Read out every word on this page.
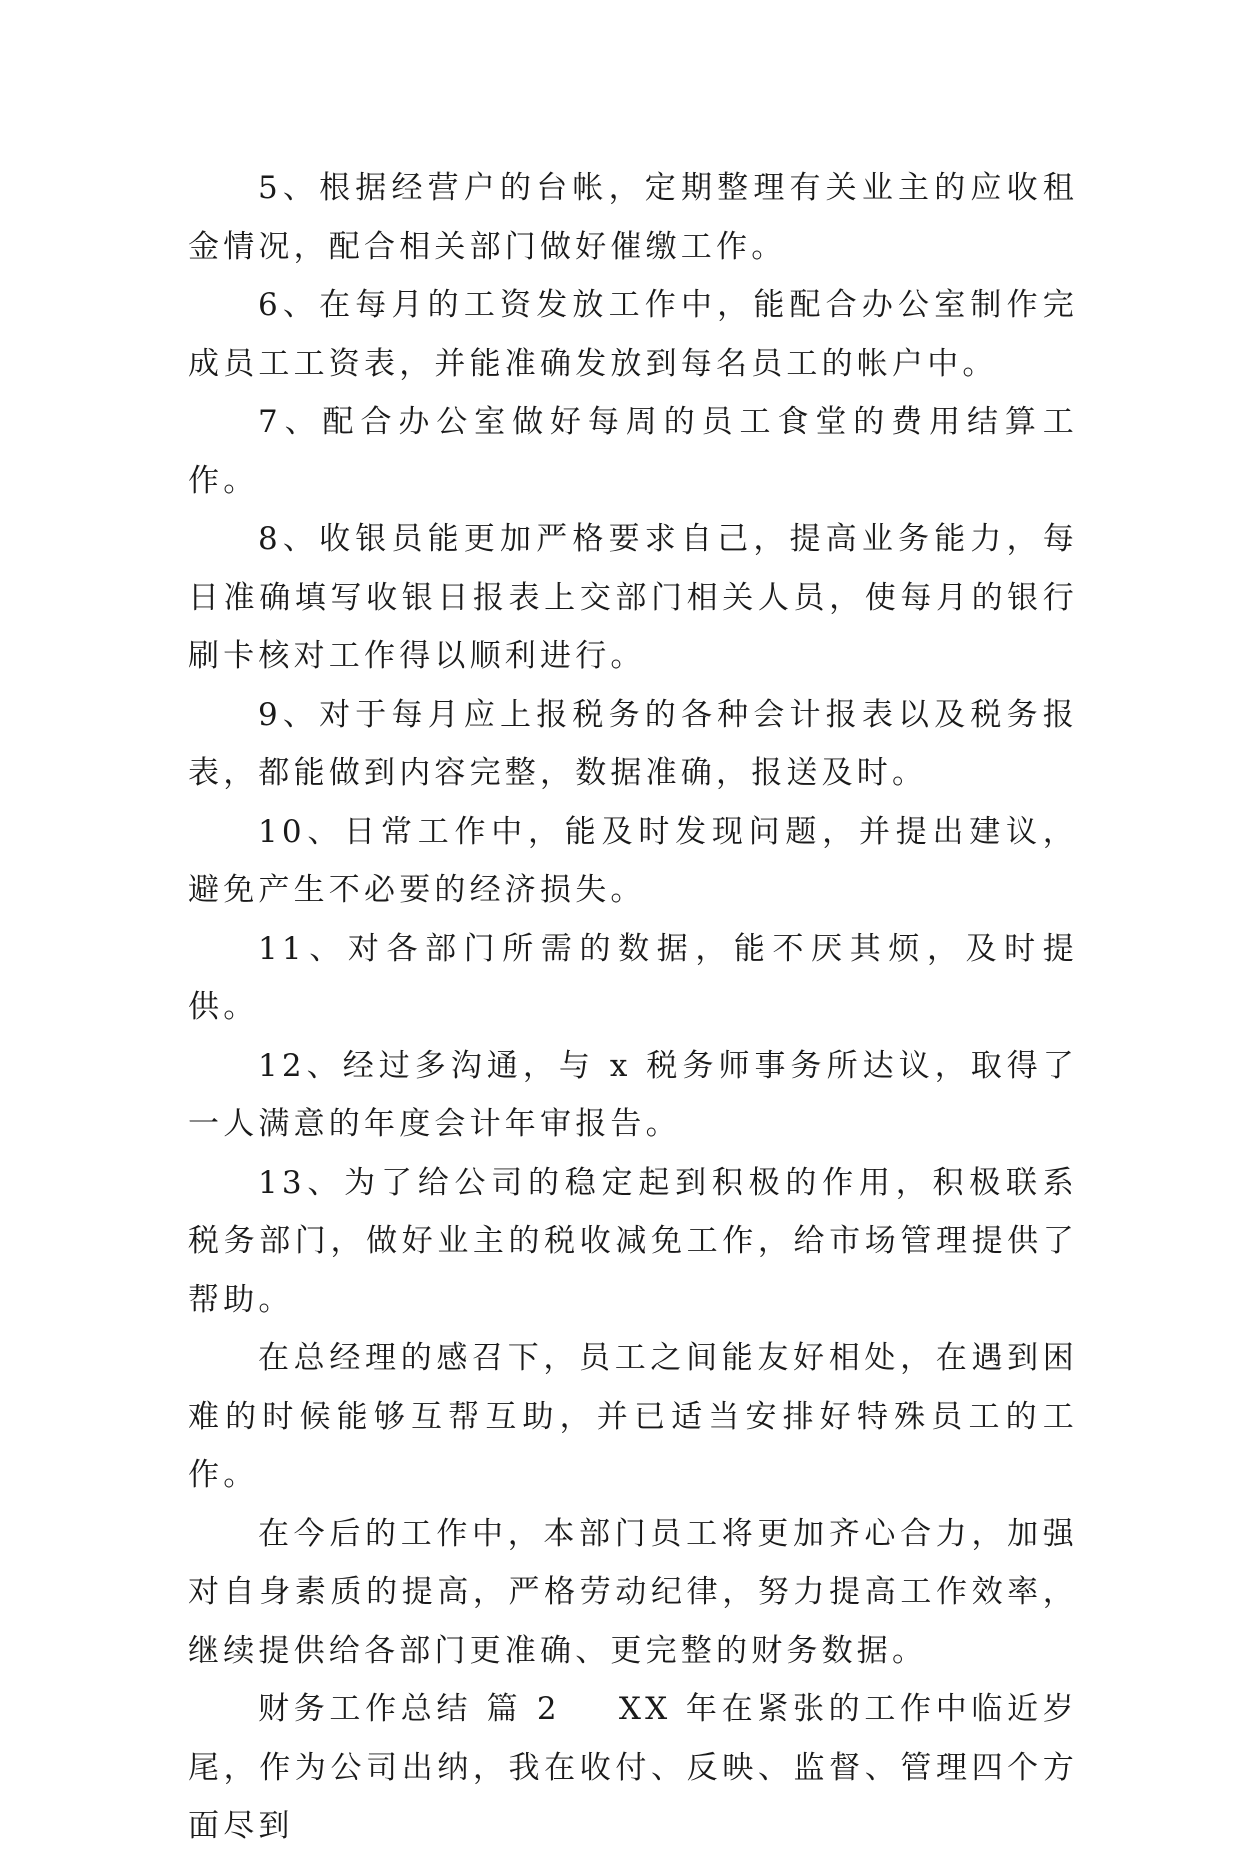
5、根据经营户的台帐，定期整理有关业主的应收租金情况，配合相关部门做好催缴工作。

6、在每月的工资发放工作中，能配合办公室制作完成员工工资表，并能准确发放到每名员工的帐户中。

7、配合办公室做好每周的员工食堂的费用结算工作。

8、收银员能更加严格要求自己，提高业务能力，每日准确填写收银日报表上交部门相关人员，使每月的银行刷卡核对工作得以顺利进行。

9、对于每月应上报税务的各种会计报表以及税务报表，都能做到内容完整，数据准确，报送及时。

10、日常工作中，能及时发现问题，并提出建议，避免产生不必要的经济损失。

11、对各部门所需的数据，能不厌其烦，及时提供。

12、经过多沟通，与 x 税务师事务所达议，取得了一人满意的年度会计年审报告。

13、为了给公司的稳定起到积极的作用，积极联系税务部门，做好业主的税收减免工作，给市场管理提供了帮助。

在总经理的感召下，员工之间能友好相处，在遇到困难的时候能够互帮互助，并已适当安排好特殊员工的工作。

在今后的工作中，本部门员工将更加齐心合力，加强对自身素质的提高，严格劳动纪律，努力提高工作效率，继续提供给各部门更准确、更完整的财务数据。

财务工作总结 篇 2 XX 年在紧张的工作中临近岁尾，作为公司出纳，我在收付、反映、监督、管理四个方面尽到
